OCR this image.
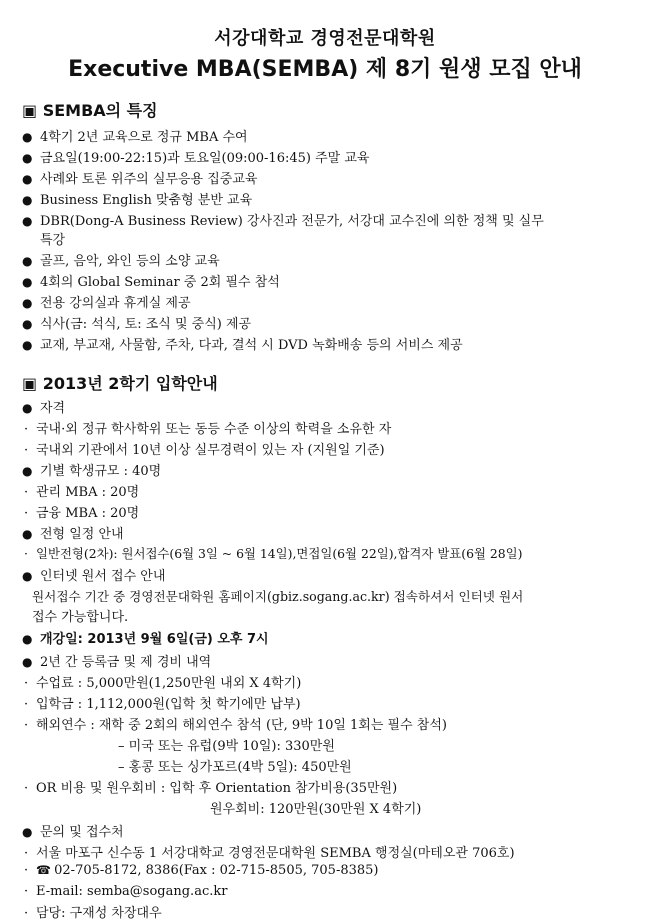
서강대학교 경영전문대학원
Executive MBA(SEMBA) 제 8기 원생 모집 안내
▣ SEMBA의 특징
● 4학기 2년 교육으로 정규 MBA 수여
● 금요일(19:00-22:15)과 토요일(09:00-16:45) 주말 교육
● 사례와 토론 위주의 실무응용 집중교육
● Business English 맞춤형 분반 교육
● DBR(Dong-A Business Review) 강사진과 전문가, 서강대 교수진에 의한 정책 및 실무
특강
● 골프, 음악, 와인 등의 소양 교육
● 4회의 Global Seminar 중 2회 필수 참석
● 전용 강의실과 휴게실 제공
● 식사(금: 석식, 토: 조식 및 중식) 제공
● 교재, 부교재, 사물함, 주차, 다과, 결석 시 DVD 녹화배송 등의 서비스 제공
▣ 2013년 2학기 입학안내
● 자격
· 국내·외 정규 학사학위 또는 동등 수준 이상의 학력을 소유한 자
· 국내외 기관에서 10년 이상 실무경력이 있는 자 (지원일 기준)
● 기별 학생규모 : 40명
· 관리 MBA : 20명
· 금융 MBA : 20명
● 전형 일정 안내
· 일반전형(2차): 원서접수(6월 3일 ~ 6월 14일),면접일(6월 22일),합격자 발표(6월 28일)
● 인터넷 원서 접수 안내
원서접수 기간 중 경영전문대학원 홈페이지(gbiz.sogang.ac.kr) 접속하셔서 인터넷 원서
접수 가능합니다.
● 개강일: 2013년 9월 6일(금) 오후 7시
● 2년 간 등록금 및 제 경비 내역
· 수업료 : 5,000만원(1,250만원 내외 X 4학기)
· 입학금 : 1,112,000원(입학 첫 학기에만 납부)
· 해외연수 : 재학 중 2회의 해외연수 참석 (단, 9박 10일 1회는 필수 참석)
– 미국 또는 유럽(9박 10일): 330만원
– 홍콩 또는 싱가포르(4박 5일): 450만원
· OR 비용 및 원우회비 : 입학 후 Orientation 참가비용(35만원)
원우회비: 120만원(30만원 X 4학기)
● 문의 및 접수처
· 서울 마포구 신수동 1 서강대학교 경영전문대학원 SEMBA 행정실(마테오관 706호)
· ☎ 02-705-8172, 8386(Fax : 02-715-8505, 705-8385)
· E-mail: semba@sogang.ac.kr
· 담당: 구재성 차장대우
